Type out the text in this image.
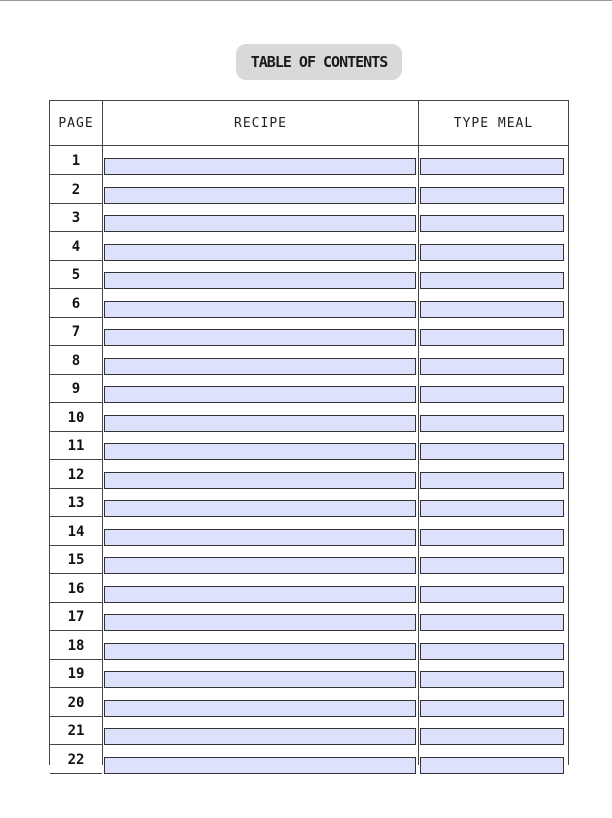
TABLE OF CONTENTS
PAGE	RECIPE	TYPE MEAL
1
2
3
4
5
6
7
8
9
10
11
12
13
14
15
16
17
18
19
20
21
22
